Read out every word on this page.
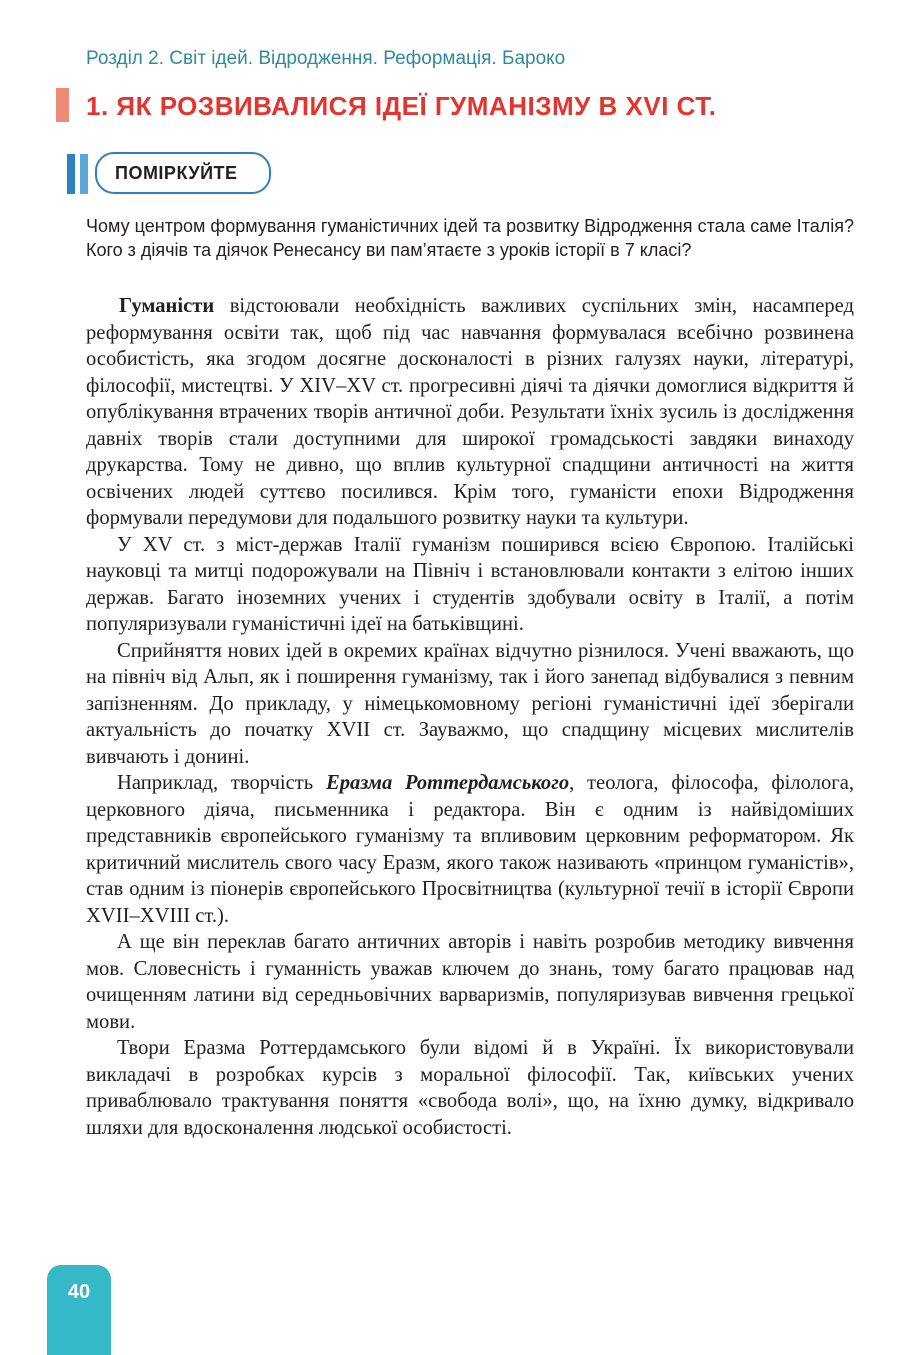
Розділ 2. Світ ідей. Відродження. Реформація. Бароко
1. ЯК РОЗВИВАЛИСЯ ІДЕЇ ГУМАНІЗМУ В XVI СТ.
ПОМІРКУЙТЕ

Чому центром формування гуманістичних ідей та розвитку Відродження стала саме Італія? Кого з діячів та діячок Ренесансу ви пам’ятаєте з уроків історії в 7 класі?

Гуманісти відстоювали необхідність важливих суспільних змін, насамперед реформування освіти так, щоб під час навчання формувалася всебічно розвинена особистість, яка згодом досягне досконалості в різних галузях науки, літературі, філософії, мистецтві. У XIV–XV ст. прогресивні діячі та діячки домоглися відкриття й опублікування втрачених творів античної доби. Результати їхніх зусиль із дослідження давніх творів стали доступними для широкої громадськості завдяки винаходу друкарства. Тому не дивно, що вплив культурної спадщини античності на життя освічених людей суттєво посилився. Крім того, гуманісти епохи Відродження формували передумови для подальшого розвитку науки та культури.

У XV ст. з міст-держав Італії гуманізм поширився всією Європою. Італійські науковці та митці подорожували на Північ і встановлювали контакти з елітою інших держав. Багато іноземних учених і студентів здобували освіту в Італії, а потім популяризували гуманістичні ідеї на батьківщині.

Сприйняття нових ідей в окремих країнах відчутно різнилося. Учені вважають, що на північ від Альп, як і поширення гуманізму, так і його занепад відбувалися з певним запізненням. До прикладу, у німецькомовному регіоні гуманістичні ідеї зберігали актуальність до початку XVII ст. Зауважмо, що спадщину місцевих мислителів вивчають і донині.

Наприклад, творчість Еразма Роттердамського, теолога, філософа, філолога, церковного діяча, письменника і редактора. Він є одним із найвідоміших представників європейського гуманізму та впливовим церковним реформатором. Як критичний мислитель свого часу Еразм, якого також називають «принцом гуманістів», став одним із піонерів європейського Просвітництва (культурної течії в історії Європи XVII–XVIII ст.).

А ще він переклав багато античних авторів і навіть розробив методику вивчення мов. Словесність і гуманність уважав ключем до знань, тому багато працював над очищенням латини від середньовічних варваризмів, популяризував вивчення грецької мови.

Твори Еразма Роттердамського були відомі й в Україні. Їх використовували викладачі в розробках курсів з моральної філософії. Так, київських учених приваблювало трактування поняття «свобода волі», що, на їхню думку, відкривало шляхи для вдосконалення людської особистості.

40
